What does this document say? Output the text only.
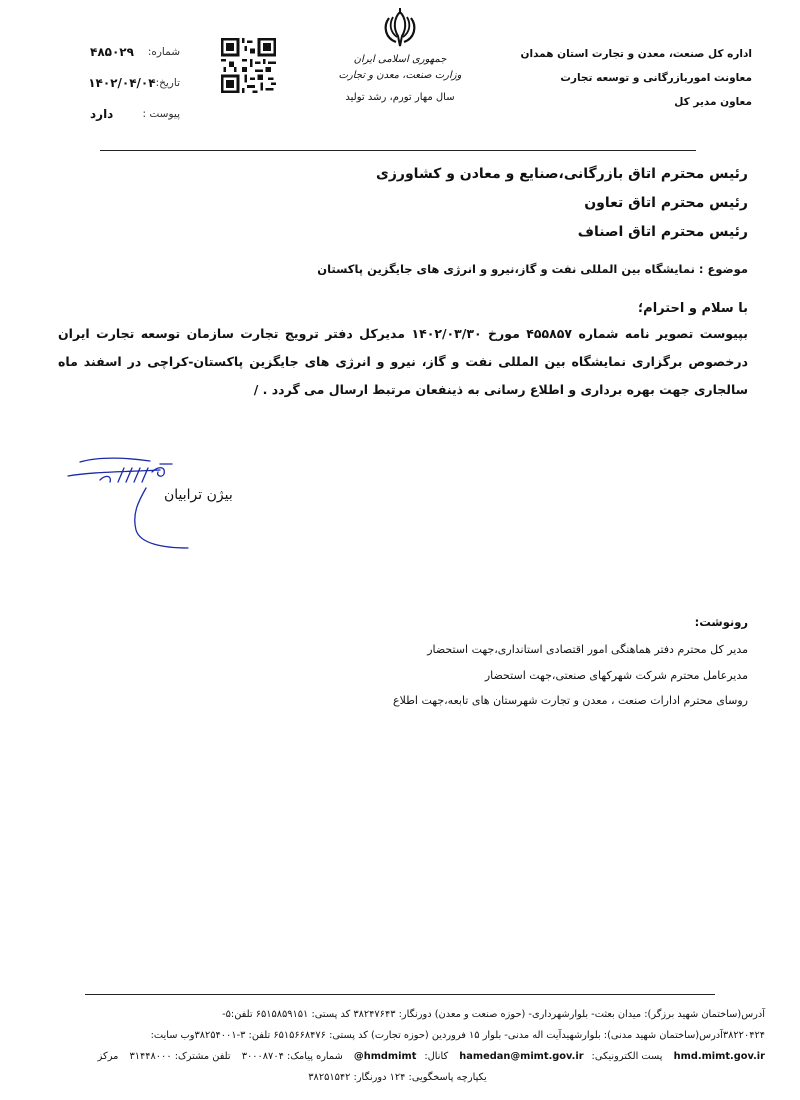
اداره کل صنعت، معدن و تجارت استان همدان
معاونت اموربازرگانی و توسعه تجارت
معاون مدیر کل
جمهوری اسلامی ایران
وزارت صنعت، معدن و تجارت
سال مهار تورم، رشد تولید
شماره:
۴۸۵۰۲۹
تاریخ:
۱۴۰۲/۰۴/۰۴
پیوست :
دارد
رئیس محترم اتاق بازرگانی،صنایع و معادن و کشاورزی
رئیس محترم اتاق تعاون
رئیس محترم اتاق اصناف
موضوع : نمایشگاه بین المللی نفت و گاز،نیرو و انرژی های جایگزین پاکستان
با سلام و احترام؛
بپیوست تصویر نامه شماره ۴۵۵۸۵۷ مورخ ۱۴۰۲/۰۳/۳۰ مدیرکل دفتر ترویج تجارت سازمان توسعه تجارت ایران درخصوص برگزاری نمایشگاه بین المللی نفت و گاز، نیرو و انرژی های جایگزین پاکستان-کراچی در اسفند ماه سالجاری جهت بهره برداری و اطلاع رسانی به ذینفعان مرتبط ارسال می گردد . /
بیژن ترابیان
رونوشت:
مدیر کل محترم دفتر هماهنگی امور اقتصادی استانداری،جهت استحضار
مدیرعامل محترم شرکت شهرکهای صنعتی،جهت استحضار
روسای محترم ادارات صنعت ، معدن و تجارت شهرستان های تابعه،جهت اطلاع
آدرس(ساختمان شهید برزگر): میدان بعثت- بلوارشهرداری- (حوزه صنعت و معدن) دورنگار: ۳۸۲۴۷۶۴۳ کد پستی: ۶۵۱۵۸۵۹۱۵۱ تلفن:۵-
۳۸۲۲۰۴۲۴آدرس(ساختمان شهید مدنی): بلوارشهیدآیت اله مدنی- بلوار ۱۵ فروردین (حوزه تجارت) کد پستی: ۶۵۱۵۶۶۸۴۷۶ تلفن: ۳-۳۸۲۵۴۰۰۱وب سایت:
hmd.mimt.gov.ir پست الکترونیکی:hamedan@mimt.gov.ir کانال:hmdmimt@ شماره پیامک: ۳۰۰۰۸۷۰۴ تلفن مشترک: ۳۱۴۴۸۰۰۰ مرکز
یکپارچه پاسخگویی: ۱۲۴ دورنگار: ۳۸۲۵۱۵۴۲
